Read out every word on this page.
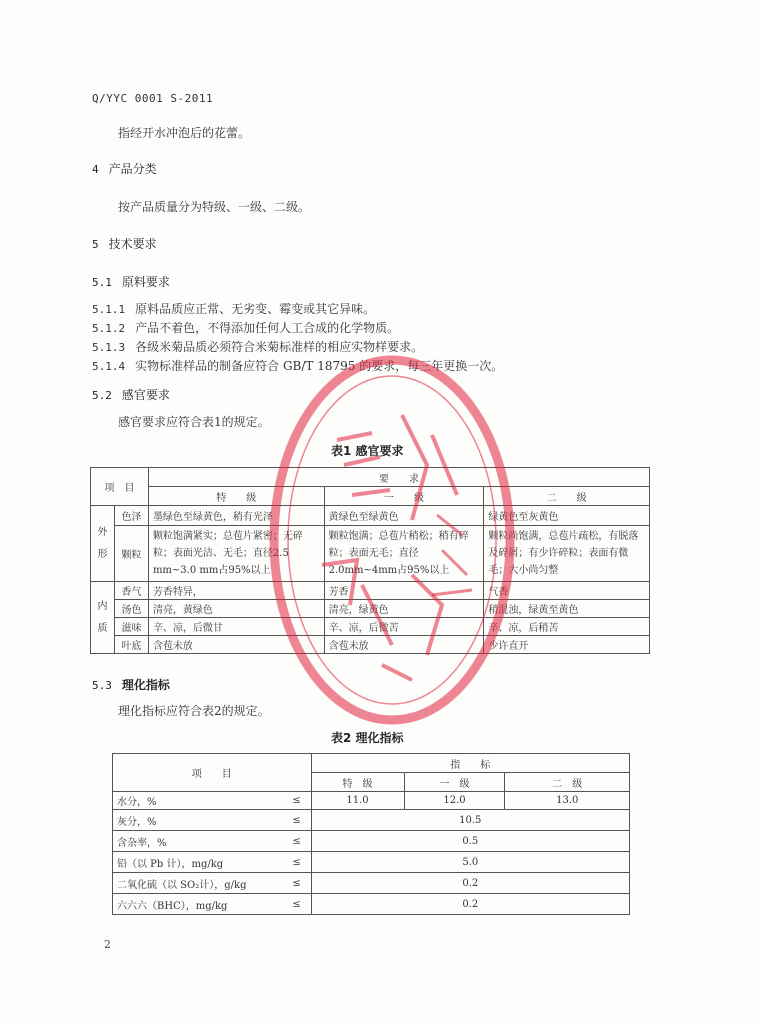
Q/YYC 0001 S-2011
指经开水冲泡后的花蕾。
4 产品分类
按产品质量分为特级、一级、二级。
5 技术要求
5.1 原料要求
5.1.1 原料品质应正常、无劣变、霉变或其它异味。
5.1.2 产品不着色，不得添加任何人工合成的化学物质。
5.1.3 各级米菊品质必须符合米菊标准样的相应实物样要求。
5.1.4 实物标准样品的制备应符合 GB/T 18795 的要求，每三年更换一次。
5.2 感官要求
感官要求应符合表1的规定。
表1 感官要求
项　目		要　　求		
		特　　级	一　　级	二　　级
外
形	色泽	墨绿色至绿黄色，稍有光泽	黄绿色至绿黄色	绿黄色至灰黄色
	颗粒	颗粒饱满紧实；总苞片紧密；无碎粒；表面光洁、无毛；直径2.5 mm~3.0 mm占95%以上	颗粒饱满；总苞片稍松；稍有碎粒；表面无毛；直径2.0mm~4mm占95%以上	颗粒尚饱满，总苞片疏松，有脱落及碎屑；有少许碎粒；表面有微毛；大小尚匀整
内
质	香气	芳香特异，	芳香	气香
	汤色	清亮，黄绿色	清亮，绿黄色	稍混浊，绿黄至黄色
	滋味	辛、凉，后微甘	辛、凉，后微苦	辛、凉，后稍苦
	叶底	含苞未放	含苞未放	少许直开
5.3 理化指标
理化指标应符合表2的规定。
表2 理化指标
项　　目		指　　标		
		特　级	一　级	二　级
水分，%	≤	11.0	12.0	13.0
灰分，%	≤	10.5		
含杂率，%	≤	0.5		
铅（以 Pb 计），mg/kg	≤	5.0		
二氧化硫（以 SO₂计），g/kg	≤	0.2		
六六六（BHC），mg/kg	≤	0.2		
2
